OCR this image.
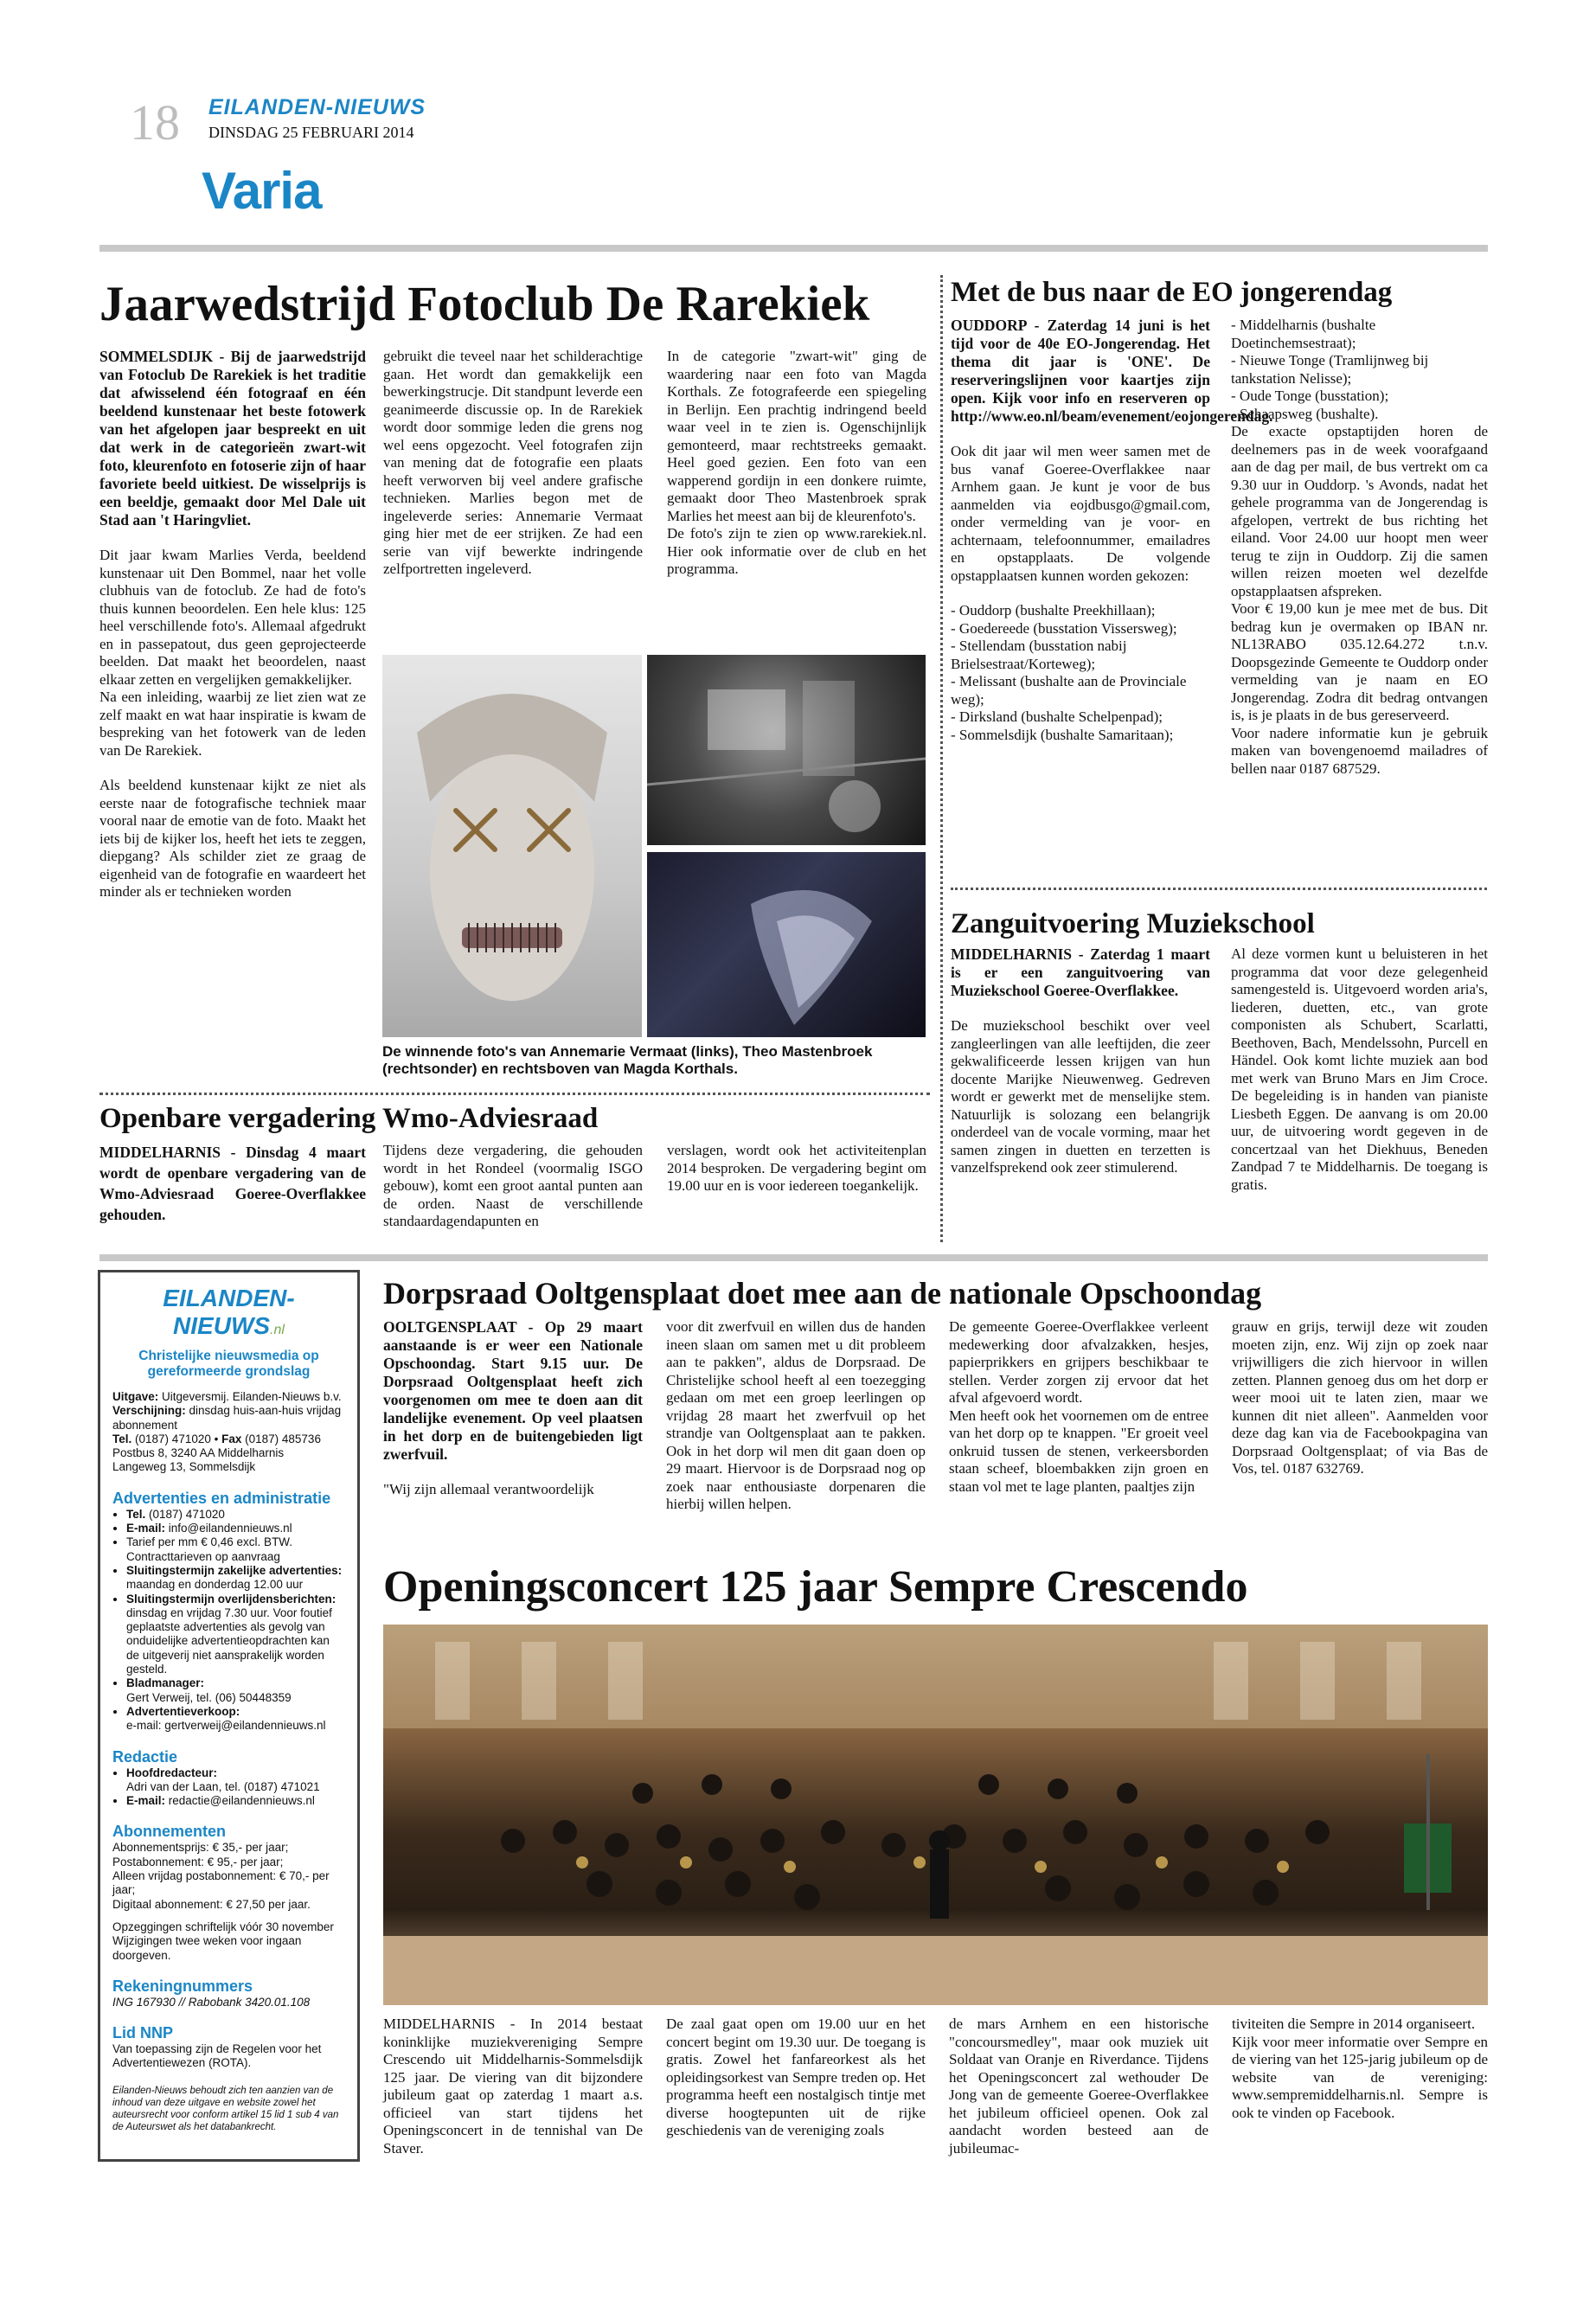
18 EILANDEN-NIEUWS
DINSDAG 25 FEBRUARI 2014
Varia
Jaarwedstrijd Fotoclub De Rarekiek

SOMMELSDIJK - Bij de jaarwedstrijd van Fotoclub De Rarekiek is het traditie dat afwisselend één fotograaf en één beeldend kunstenaar het beste fotowerk van het afgelopen jaar bespreekt en uit dat werk in de categorieën zwart-wit foto, kleurenfoto en fotoserie zijn of haar favoriete beeld uitkiest. De wisselprijs is een beeldje, gemaakt door Mel Dale uit Stad aan 't Haringvliet.

Dit jaar kwam Marlies Verda, beeldend kunstenaar uit Den Bommel, naar het volle clubhuis van de fotoclub. Ze had de foto's thuis kunnen beoordelen. Een hele klus: 125 heel verschillende foto's. Allemaal afgedrukt en in passepatout, dus geen geprojecteerde beelden. Dat maakt het beoordelen, naast elkaar zetten en vergelijken gemakkelijker.

Na een inleiding, waarbij ze liet zien wat ze zelf maakt en wat haar inspiratie is kwam de bespreking van het fotowerk van de leden van De Rarekiek.

Als beeldend kunstenaar kijkt ze niet als eerste naar de fotografische techniek maar vooral naar de emotie van de foto. Maakt het iets bij de kijker los, heeft het iets te zeggen, diepgang? Als schilder ziet ze graag de eigenheid van de fotografie en waardeert het minder als er technieken worden

gebruikt die teveel naar het schilderachtige gaan. Het wordt dan gemakkelijk een bewerkingstrucje. Dit standpunt leverde een geanimeerde discussie op. In de Rarekiek wordt door sommige leden die grens nog wel eens opgezocht. Veel fotografen zijn van mening dat de fotografie een plaats heeft verworven bij veel andere grafische technieken. Marlies begon met de ingeleverde series: Annemarie Vermaat ging hier met de eer strijken. Ze had een serie van vijf bewerkte indringende zelfportretten ingeleverd.

In de categorie "zwart-wit" ging de waardering naar een foto van Magda Korthals. Ze fotografeerde een spiegeling in Berlijn. Een prachtig indringend beeld waar veel in te zien is. Ogenschijnlijk gemonteerd, maar rechtstreeks gemaakt. Heel goed gezien. Een foto van een wapperend gordijn in een donkere ruimte, gemaakt door Theo Mastenbroek sprak Marlies het meest aan bij de kleurenfoto's.

De foto's zijn te zien op www.rarekiek.nl. Hier ook informatie over de club en het programma.

De winnende foto's van Annemarie Vermaat (links), Theo Mastenbroek (rechtsonder) en rechtsboven van Magda Korthals.
Met de bus naar de EO jongerendag

OUDDORP - Zaterdag 14 juni is het tijd voor de 40e EO-Jongerendag. Het thema dit jaar is 'ONE'. De reserveringslijnen voor kaartjes zijn open. Kijk voor info en reserveren op http://www.eo.nl/beam/evenement/eojongerendag.

Ook dit jaar wil men weer samen met de bus vanaf Goeree-Overflakkee naar Arnhem gaan. Je kunt je voor de bus aanmelden via eojdbusgo@gmail.com, onder vermelding van je voor- en achternaam, telefoonnummer, emailadres en opstapplaats. De volgende opstapplaatsen kunnen worden gekozen:

- Ouddorp (bushalte Preekhillaan);

- Goedereede (busstation Vissersweg);

- Stellendam (busstation nabij Brielsestraat/Korteweg);

- Melissant (bushalte aan de Provinciale weg);

- Dirksland (bushalte Schelpenpad);

- Sommelsdijk (bushalte Samaritaan);

- Middelharnis (bushalte Doetinchemsestraat);

- Nieuwe Tonge (Tramlijnweg bij tankstation Nelisse);

- Oude Tonge (busstation);

- Schaapsweg (bushalte).

De exacte opstaptijden horen de deelnemers pas in de week voorafgaand aan de dag per mail, de bus vertrekt om ca 9.30 uur in Ouddorp. 's Avonds, nadat het gehele programma van de Jongerendag is afgelopen, vertrekt de bus richting het eiland. Voor 24.00 uur hoopt men weer terug te zijn in Ouddorp. Zij die samen willen reizen moeten wel dezelfde opstapplaatsen afspreken.

Voor € 19,00 kun je mee met de bus. Dit bedrag kun je overmaken op IBAN nr. NL13RABO 035.12.64.272 t.n.v. Doopsgezinde Gemeente te Ouddorp onder vermelding van je naam en EO Jongerendag. Zodra dit bedrag ontvangen is, is je plaats in de bus gereserveerd.

Voor nadere informatie kun je gebruik maken van bovengenoemd mailadres of bellen naar 0187 687529.

Zanguitvoering Muziekschool

MIDDELHARNIS - Zaterdag 1 maart is er een zanguitvoering van Muziekschool Goeree-Overflakkee.

De muziekschool beschikt over veel zangleerlingen van alle leeftijden, die zeer gekwalificeerde lessen krijgen van hun docente Marijke Nieuwenweg. Gedreven wordt er gewerkt met de menselijke stem. Natuurlijk is solozang een belangrijk onderdeel van de vocale vorming, maar het samen zingen in duetten en terzetten is vanzelfsprekend ook zeer stimulerend.

Al deze vormen kunt u beluisteren in het programma dat voor deze gelegenheid samengesteld is. Uitgevoerd worden aria's, liederen, duetten, etc., van grote componisten als Schubert, Scarlatti, Beethoven, Bach, Mendelssohn, Purcell en Händel. Ook komt lichte muziek aan bod met werk van Bruno Mars en Jim Croce. De begeleiding is in handen van pianiste Liesbeth Eggen. De aanvang is om 20.00 uur, de uitvoering wordt gegeven in de concertzaal van het Diekhuus, Beneden Zandpad 7 te Middelharnis. De toegang is gratis.

Openbare vergadering Wmo-Adviesraad

MIDDELHARNIS - Dinsdag 4 maart wordt de openbare vergadering van de Wmo-Adviesraad Goeree-Overflakkee gehouden.

Tijdens deze vergadering, die gehouden wordt in het Rondeel (voormalig ISGO gebouw), komt een groot aantal punten aan de orden. Naast de verschillende standaardagendapunten en

verslagen, wordt ook het activiteitenplan 2014 besproken. De vergadering begint om 19.00 uur en is voor iedereen toegankelijk.

EILANDEN-NIEUWS.nl
Christelijke nieuwsmedia op gereformeerde grondslag
Uitgave: Uitgeversmij. Eilanden-Nieuws b.v.
Verschijning: dinsdag huis-aan-huis vrijdag abonnement
Tel. (0187) 471020 • Fax (0187) 485736
Postbus 8, 3240 AA Middelharnis
Langeweg 13, Sommelsdijk
Advertenties en administratie
• Tel. (0187) 471020
• E-mail: info@eilandennieuws.nl
• Tarief per mm € 0,46 excl. BTW. Contracttarieven op aanvraag
• Sluitingstermijn zakelijke advertenties:
maandag en donderdag 12.00 uur
• Sluitingstermijn overlijdensberichten:
dinsdag en vrijdag 7.30 uur. Voor foutief geplaatste advertenties als gevolg van onduidelijke advertentieopdrachten kan de uitgeverij niet aansprakelijk worden gesteld.
• Bladmanager:
Gert Verweij, tel. (06) 50448359
• Advertentieverkoop:
e-mail: gertverweij@eilandennieuws.nl
Redactie
• Hoofdredacteur:
Adri van der Laan, tel. (0187) 471021
• E-mail: redactie@eilandennieuws.nl
Abonnementen
Abonnementsprijs: € 35,- per jaar;
Postabonnement: € 95,- per jaar;
Alleen vrijdag postabonnement: € 70,- per jaar;
Digitaal abonnement: € 27,50 per jaar.
Opzeggingen schriftelijk vóór 30 november
Wijzigingen twee weken voor ingaan doorgeven.
Rekeningnummers
ING 167930 // Rabobank 3420.01.108
Lid NNP
Van toepassing zijn de Regelen voor het Advertentiewezen (ROTA).
Eilanden-Nieuws behoudt zich ten aanzien van de inhoud van deze uitgave en website zowel het auteursrecht voor conform artikel 15 lid 1 sub 4 van de Auteurswet als het databankrecht.
Dorpsraad Ooltgensplaat doet mee aan de nationale Opschoondag

OOLTGENSPLAAT - Op 29 maart aanstaande is er weer een Nationale Opschoondag. Start 9.15 uur. De Dorpsraad Ooltgensplaat heeft zich voorgenomen om mee te doen aan dit landelijke evenement. Op veel plaatsen in het dorp en de buitengebieden ligt zwerfvuil.

"Wij zijn allemaal verantwoordelijk

voor dit zwerfvuil en willen dus de handen ineen slaan om samen met u dit probleem aan te pakken", aldus de Dorpsraad. De Christelijke school heeft al een toezegging gedaan om met een groep leerlingen op vrijdag 28 maart het zwerfvuil op het strandje van Ooltgensplaat aan te pakken. Ook in het dorp wil men dit gaan doen op 29 maart. Hiervoor is de Dorpsraad nog op zoek naar enthousiaste dorpenaren die hierbij willen helpen.

De gemeente Goeree-Overflakkee verleent medewerking door afvalzakken, hesjes, papierprikkers en grijpers beschikbaar te stellen. Verder zorgen zij ervoor dat het afval afgevoerd wordt.

Men heeft ook het voornemen om de entree van het dorp op te knappen. "Er groeit veel onkruid tussen de stenen, verkeersborden staan scheef, bloembakken zijn groen en staan vol met te lage planten, paaltjes zijn

grauw en grijs, terwijl deze wit zouden moeten zijn, enz. Wij zijn op zoek naar vrijwilligers die zich hiervoor in willen zetten. Plannen genoeg dus om het dorp er weer mooi uit te laten zien, maar we kunnen dit niet alleen". Aanmelden voor deze dag kan via de Facebookpagina van Dorpsraad Ooltgensplaat; of via Bas de Vos, tel. 0187 632769.

Openingsconcert 125 jaar Sempre Crescendo

MIDDELHARNIS - In 2014 bestaat koninklijke muziekvereniging Sempre Crescendo uit Middelharnis-Sommelsdijk 125 jaar. De viering van dit bijzondere jubileum gaat op zaterdag 1 maart a.s. officieel van start tijdens het Openingsconcert in de tennishal van De Staver.

De zaal gaat open om 19.00 uur en het concert begint om 19.30 uur. De toegang is gratis. Zowel het fanfareorkest als het opleidingsorkest van Sempre treden op. Het programma heeft een nostalgisch tintje met diverse hoogtepunten uit de rijke geschiedenis van de vereniging zoals

de mars Arnhem en een historische "concoursmedley", maar ook muziek uit Soldaat van Oranje en Riverdance. Tijdens het Openingsconcert zal wethouder De Jong van de gemeente Goeree-Overflakkee het jubileum officieel openen. Ook zal aandacht worden besteed aan de jubileumac-

tiviteiten die Sempre in 2014 organiseert.

Kijk voor meer informatie over Sempre en de viering van het 125-jarig jubileum op de website van de vereniging: www.sempremiddelharnis.nl. Sempre is ook te vinden op Facebook.
